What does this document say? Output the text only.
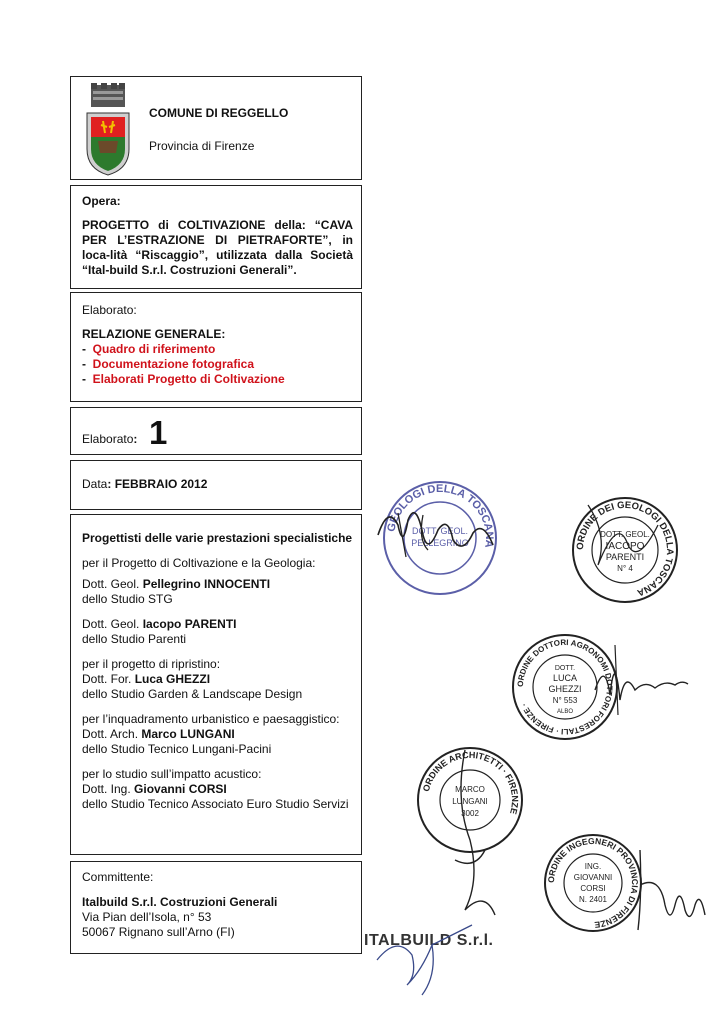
COMUNE DI REGGELLO
Provincia di Firenze

Opera:

PROGETTO di COLTIVAZIONE della: “CAVA PER L’ESTRAZIONE DI PIETRAFORTE”, in loca-lità “Riscaggio”, utilizzata dalla Società “Ital-build S.r.l. Costruzioni Generali”.

Elaborato:

RELAZIONE GENERALE:

- Quadro di riferimento

- Documentazione fotografica

- Elaborati Progetto di Coltivazione

Elaborato: 1
Data: FEBBRAIO 2012

Progettisti delle varie prestazioni specialistiche

per il Progetto di Coltivazione e la Geologia:

Dott. Geol. Pellegrino INNOCENTI

dello Studio STG

Dott. Geol. Iacopo PARENTI

dello Studio Parenti

per il progetto di ripristino:

Dott. For. Luca GHEZZI

dello Studio Garden & Landscape Design

per l’inquadramento urbanistico e paesaggistico:

Dott. Arch. Marco LUNGANI

dello Studio Tecnico Lungani-Pacini

per lo studio sull’impatto acustico:

Dott. Ing. Giovanni CORSI

dello Studio Tecnico Associato Euro Studio Servizi

Committente:

Italbuild S.r.l. Costruzioni Generali

Via Pian dell’Isola, n° 53

50067 Rignano sull’Arno (FI)

GEOLOGI DELLA TOSCANA
DOTT. GEOL.
PELLEGRINO	ORDINE DEI GEOLOGI DELLA TOSCANA
DOTT. GEOL.
IACOPO
PARENTI
N° 4
ORDINE DOTTORI AGRONOMI DOTTORI FORESTALI · FIRENZE ·
DOTT.
LUCA
GHEZZI
N° 553
ALBO
ORDINE ARCHITETTI · FIRENZE
MARCO
LUNGANI
3002
ORDINE INGEGNERI PROVINCIA DI FIRENZE
ING.
GIOVANNI
CORSI
N. 2401
ITALBUILD S.r.l.
